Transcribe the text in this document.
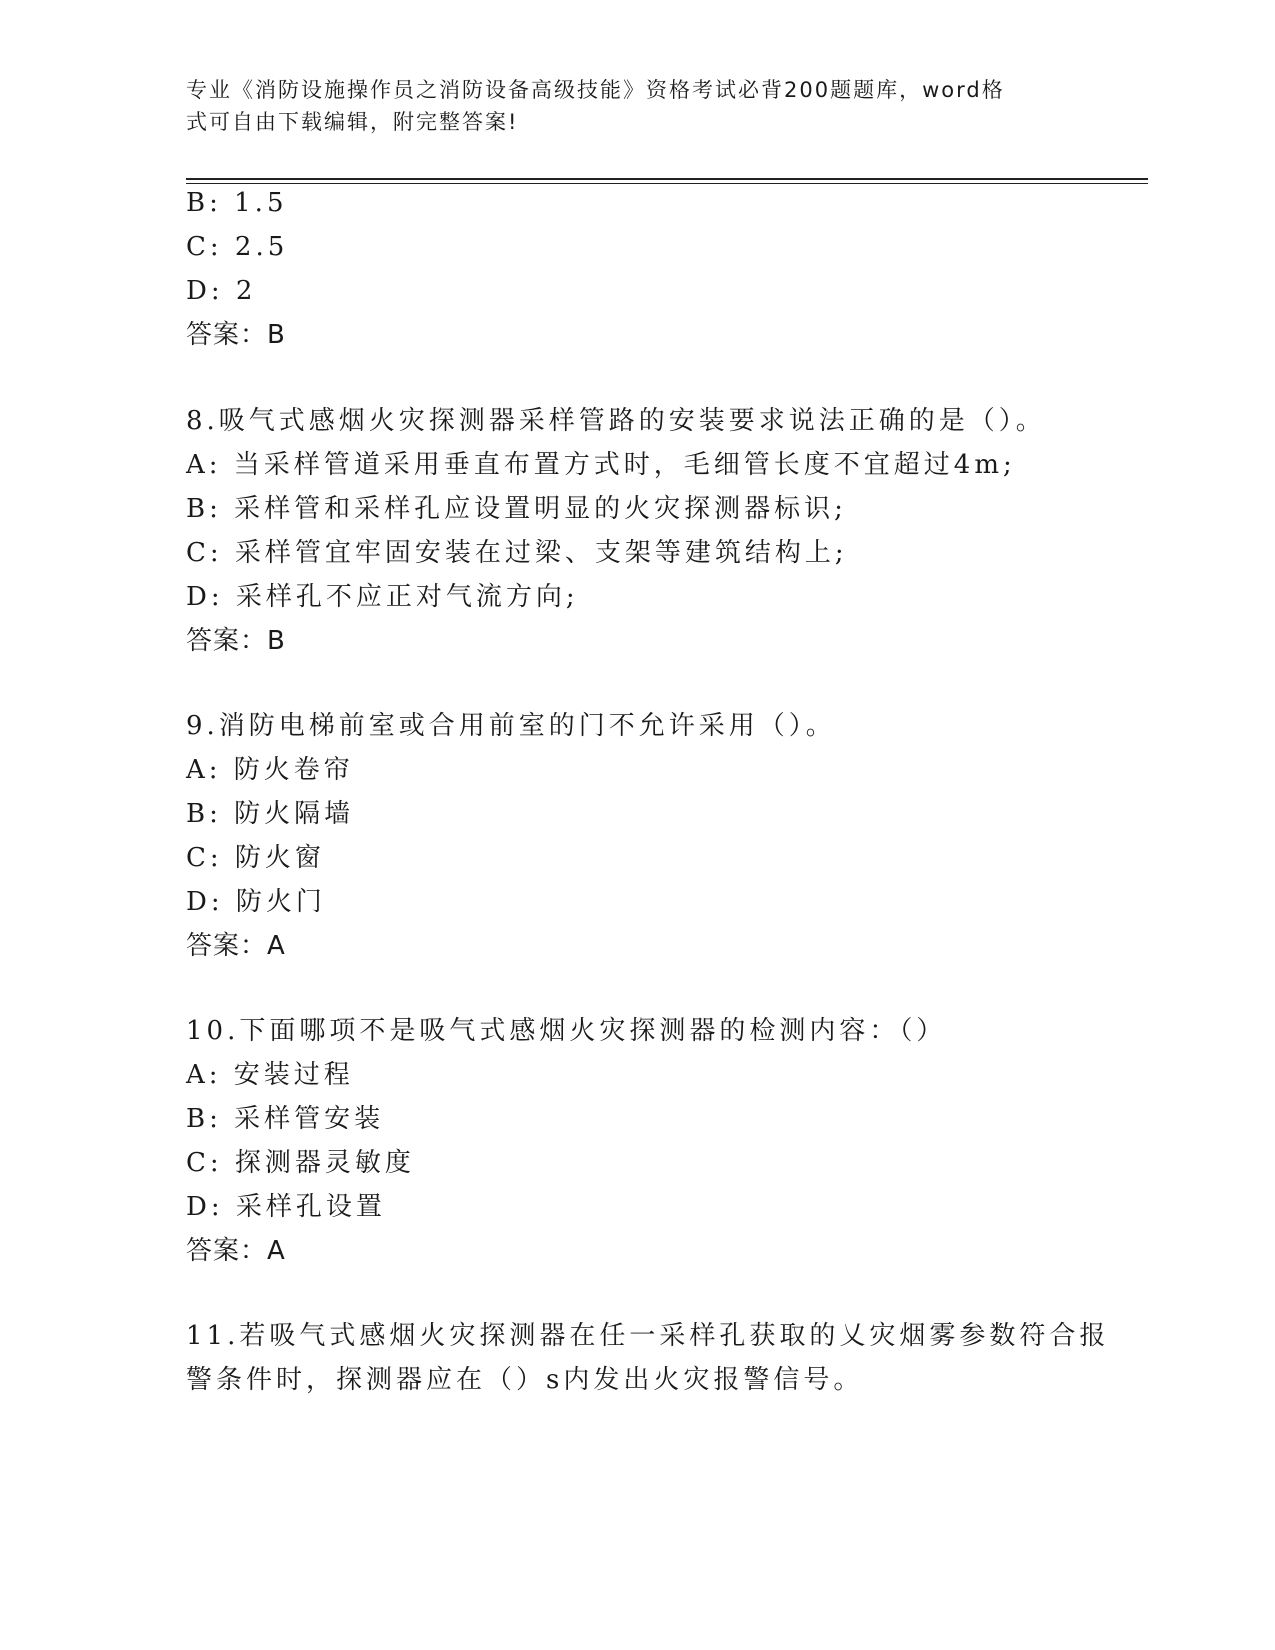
专业《消防设施操作员之消防设备高级技能》资格考试必背200题题库，word格
式可自由下载编辑，附完整答案!
B: 1.5
C: 2.5
D: 2
答案：B
8.吸气式感烟火灾探测器采样管路的安装要求说法正确的是（）。
A: 当采样管道采用垂直布置方式时，毛细管长度不宜超过4m;
B: 采样管和采样孔应设置明显的火灾探测器标识;
C: 采样管宜牢固安装在过梁、支架等建筑结构上;
D: 采样孔不应正对气流方向;
答案：B
9.消防电梯前室或合用前室的门不允许采用（）。
A: 防火卷帘
B: 防火隔墙
C: 防火窗
D: 防火门
答案：A
10.下面哪项不是吸气式感烟火灾探测器的检测内容：（）
A: 安装过程
B: 采样管安装
C: 探测器灵敏度
D: 采样孔设置
答案：A
11.若吸气式感烟火灾探测器在任一采样孔获取的乂灾烟雾参数符合报
警条件时，探测器应在（）s内发出火灾报警信号。
